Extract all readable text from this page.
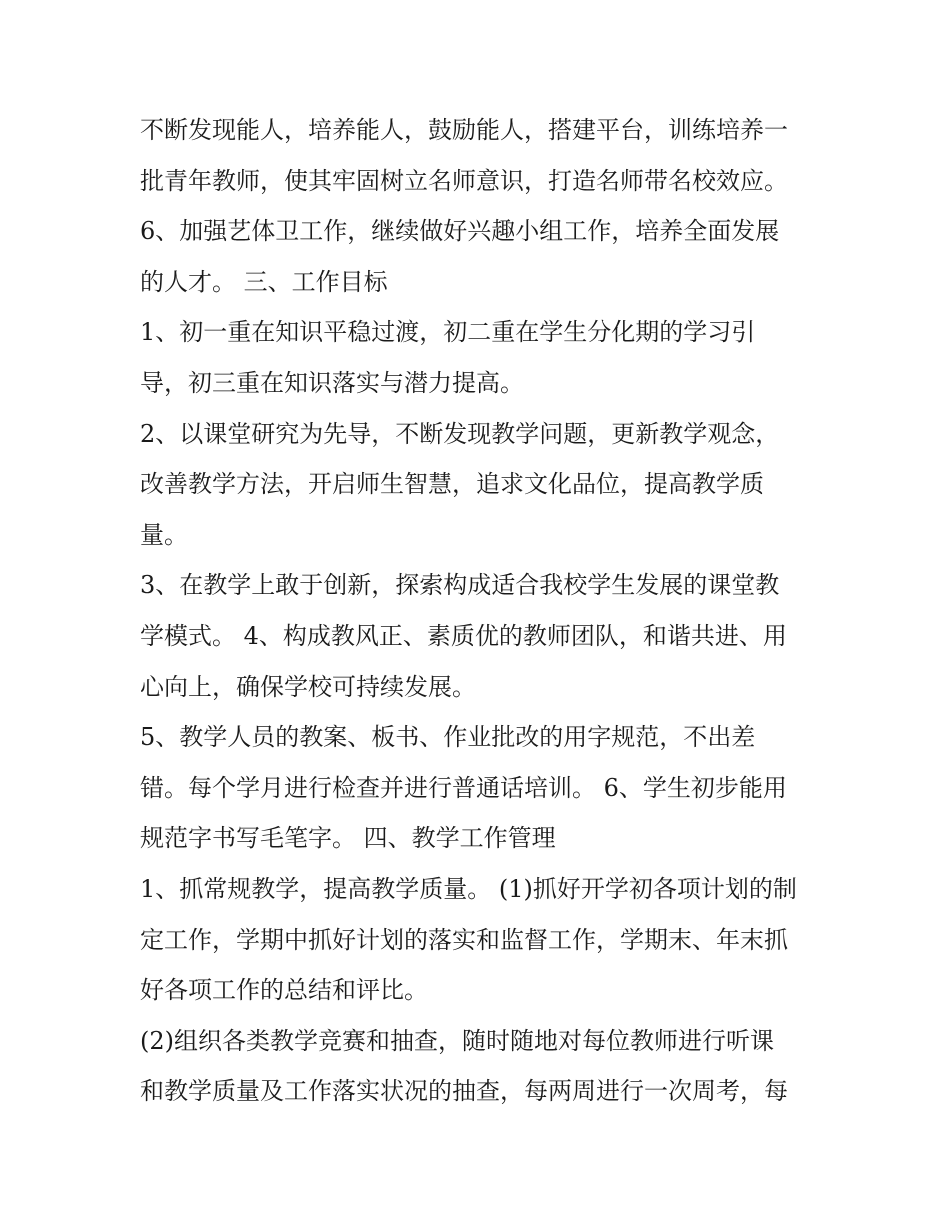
不断发现能人，培养能人，鼓励能人，搭建平台，训练培养一
批青年教师，使其牢固树立名师意识，打造名师带名校效应。
6、加强艺体卫工作，继续做好兴趣小组工作，培养全面发展
的人才。 三、工作目标
1、初一重在知识平稳过渡，初二重在学生分化期的学习引
导，初三重在知识落实与潜力提高。
2、以课堂研究为先导，不断发现教学问题，更新教学观念，
改善教学方法，开启师生智慧，追求文化品位，提高教学质
量。
3、在教学上敢于创新，探索构成适合我校学生发展的课堂教
学模式。 4、构成教风正、素质优的教师团队，和谐共进、用
心向上，确保学校可持续发展。
5、教学人员的教案、板书、作业批改的用字规范，不出差
错。每个学月进行检查并进行普通话培训。 6、学生初步能用
规范字书写毛笔字。 四、教学工作管理
1、抓常规教学，提高教学质量。 (1)抓好开学初各项计划的制
定工作，学期中抓好计划的落实和监督工作，学期末、年末抓
好各项工作的总结和评比。
(2)组织各类教学竞赛和抽查，随时随地对每位教师进行听课
和教学质量及工作落实状况的抽查，每两周进行一次周考，每
